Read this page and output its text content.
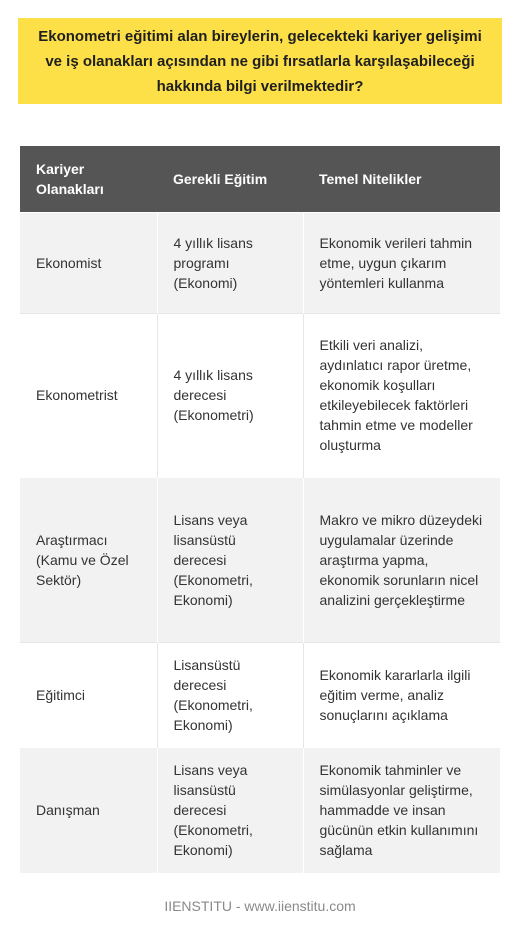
Ekonometri eğitimi alan bireylerin, gelecekteki kariyer gelişimi ve iş olanakları açısından ne gibi fırsatlarla karşılaşabileceği hakkında bilgi verilmektedir?
Kariyer Olanakları	Gerekli Eğitim	Temel Nitelikler
Ekonomist	4 yıllık lisans programı (Ekonomi)	Ekonomik verileri tahmin etme, uygun çıkarım yöntemleri kullanma
Ekonometrist	4 yıllık lisans derecesi (Ekonometri)	Etkili veri analizi, aydınlatıcı rapor üretme, ekonomik koşulları etkileyebilecek faktörleri tahmin etme ve modeller oluşturma
Araştırmacı (Kamu ve Özel Sektör)	Lisans veya lisansüstü derecesi (Ekonometri, Ekonomi)	Makro ve mikro düzeydeki uygulamalar üzerinde araştırma yapma, ekonomik sorunların nicel analizini gerçekleştirme
Eğitimci	Lisansüstü derecesi (Ekonometri, Ekonomi)	Ekonomik kararlarla ilgili eğitim verme, analiz sonuçlarını açıklama
Danışman	Lisans veya lisansüstü derecesi (Ekonometri, Ekonomi)	Ekonomik tahminler ve simülasyonlar geliştirme, hammadde ve insan gücünün etkin kullanımını sağlama
IIENSTITU - www.iienstitu.com
